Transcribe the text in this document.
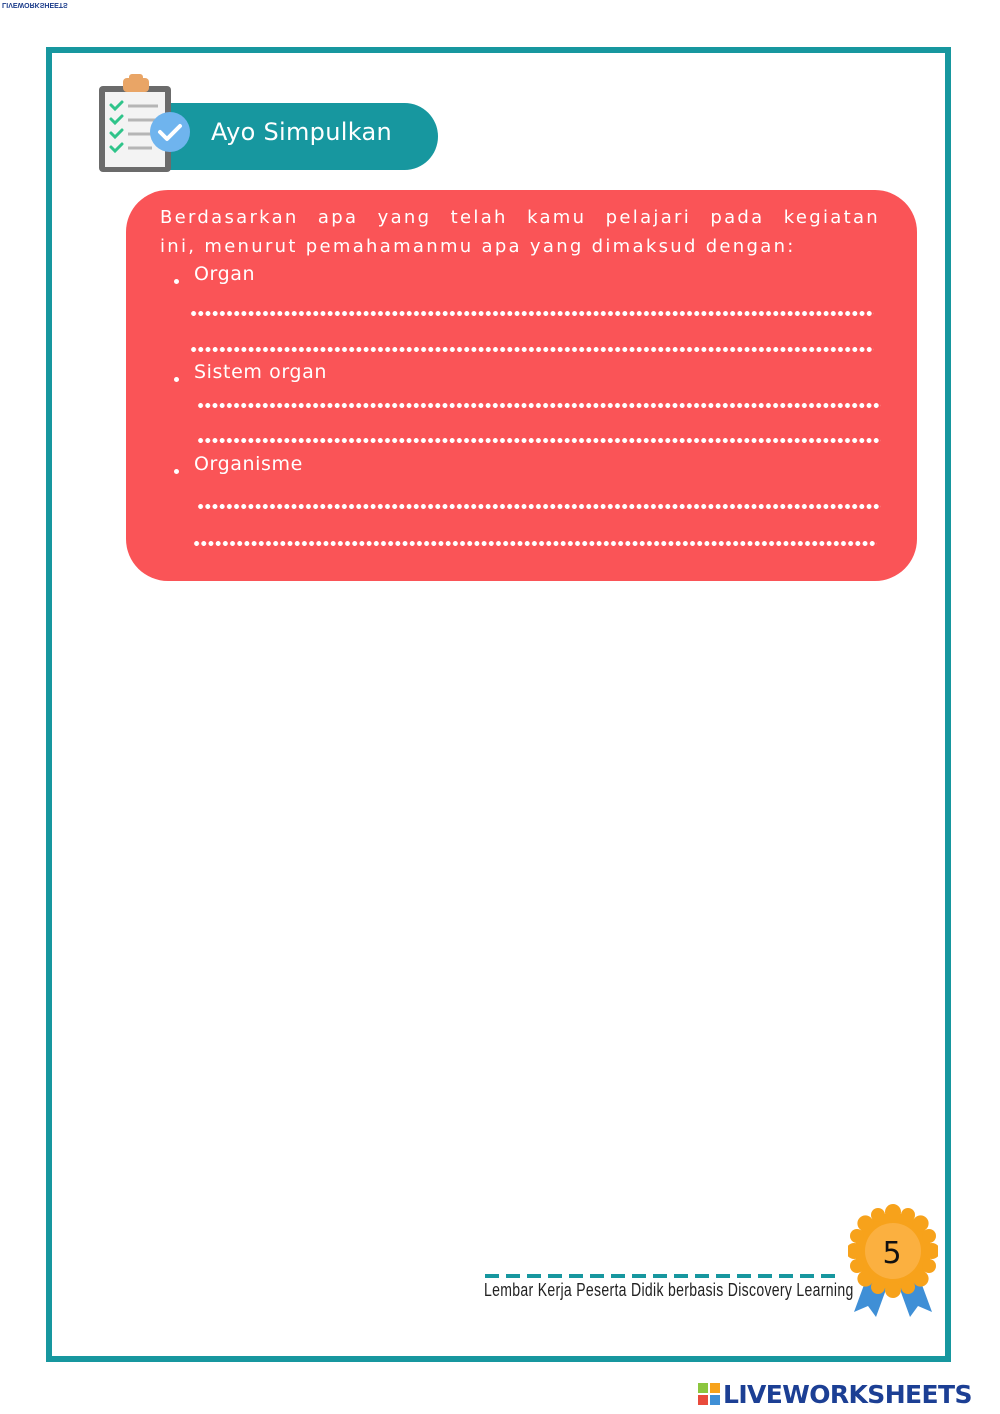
LIVEWORKSHEETS
Ayo Simpulkan
Berdasarkan apa yang telah kamu pelajari pada kegiatan
ini, menurut pemahamanmu apa yang dimaksud dengan:
Organ
Sistem organ
Organisme
Lembar Kerja Peserta Didik berbasis Discovery Learning
5
LIVEWORKSHEETS
